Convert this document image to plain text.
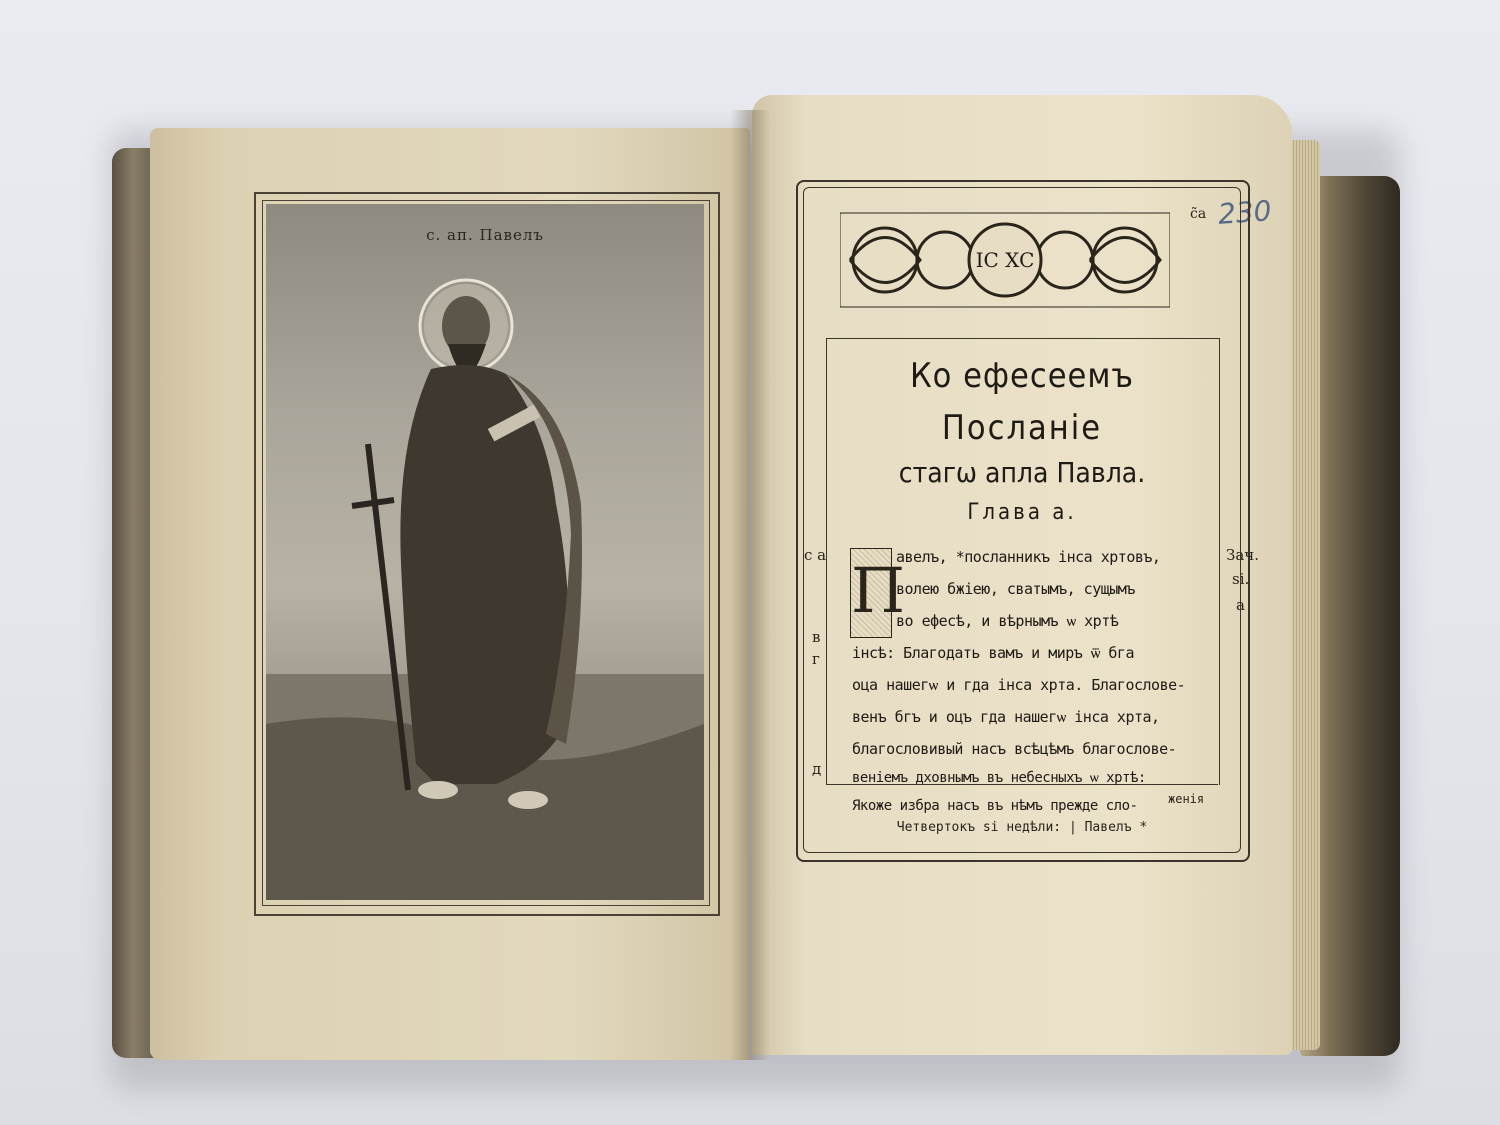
с. ап. Павелъ
230
с̃а
IC XC
Ко ефесеемъ
Посланіе
стагѡ апла Павла.
Глава а.
П
авелъ, *посланникъ інса хртовъ,
волею бжіею, сватымъ, сущымъ
во ефесѣ, и вѣрнымъ ѡ хртѣ
інсѣ: Благодать вамъ и миръ ѿ бга
оца нашегѡ и гда інса хрта. Благослове-
венъ бгъ и оцъ гда нашегѡ інса хрта,
благословивый насъ всѣцѣмъ благослове-
веніемъ дховнымъ въ небесныхъ ѡ хртѣ:
Якоже избра насъ въ нѣмъ прежде сло-
с а
в
г
д
Зач.
ѕі.
а
женія
Четвертокъ ѕі недѣли: | Павелъ *
